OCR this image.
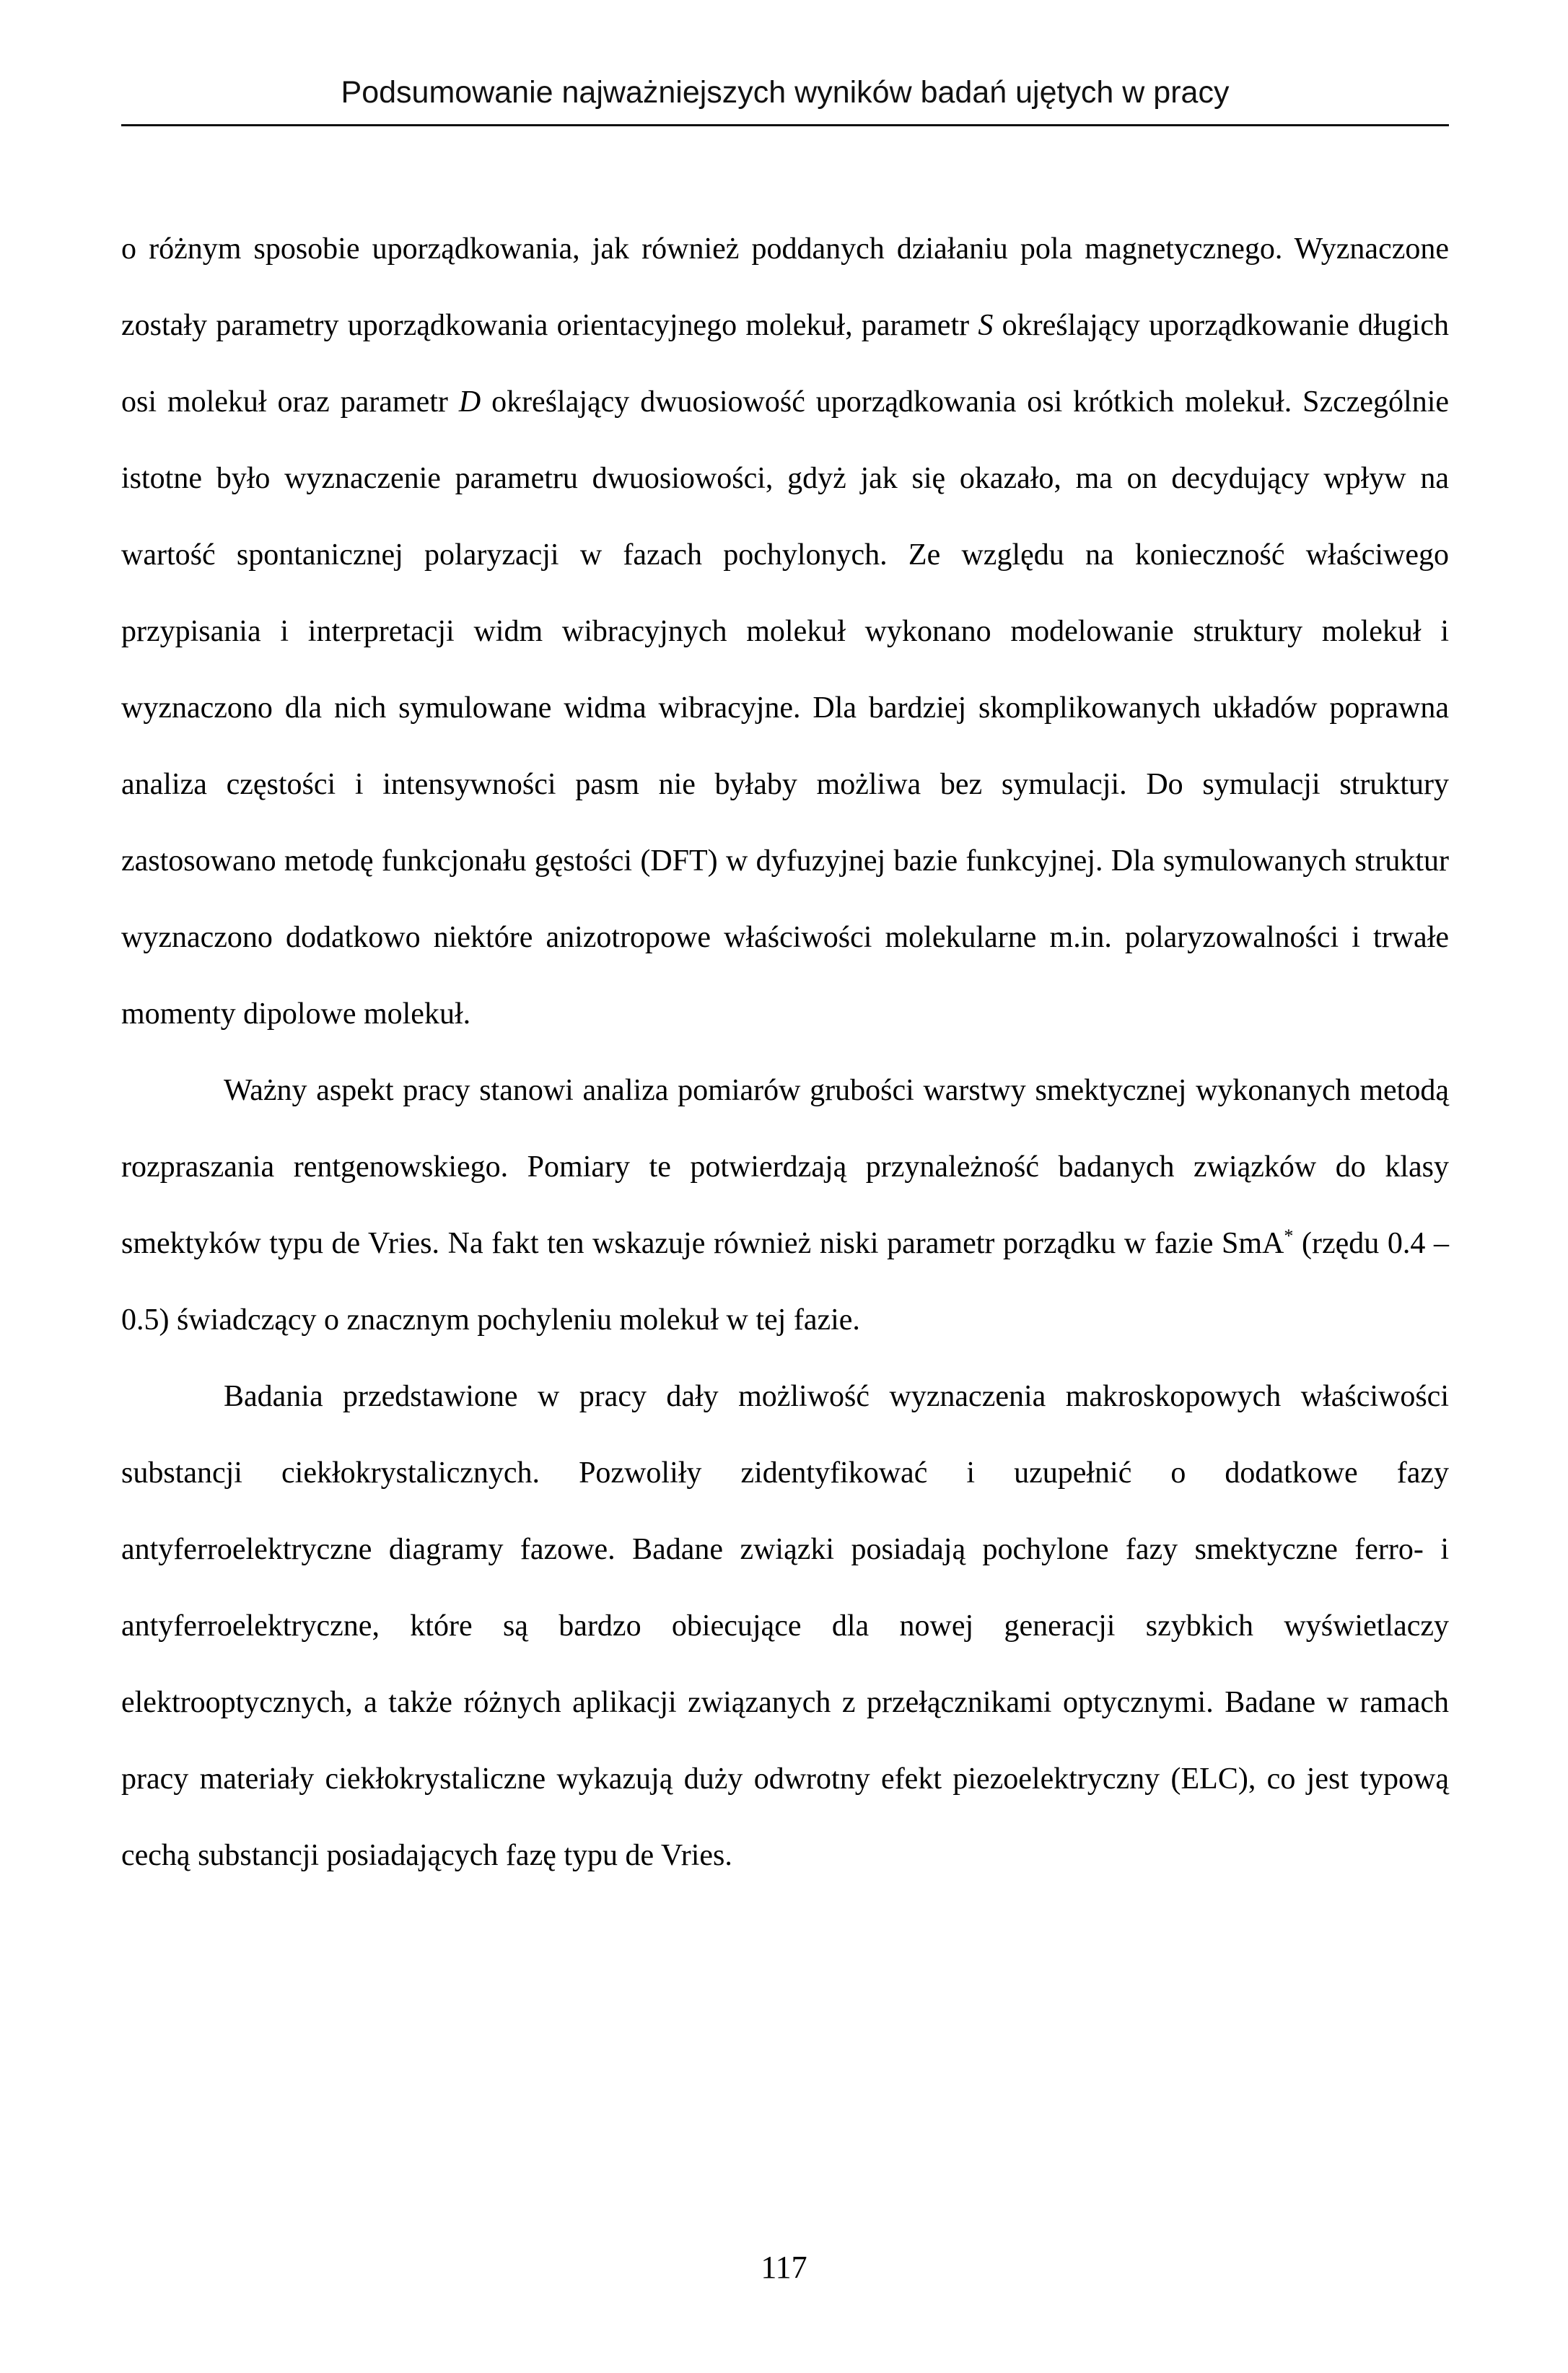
Podsumowanie najważniejszych wyników badań ujętych w pracy

o różnym sposobie uporządkowania, jak również poddanych działaniu pola magnetycznego. Wyznaczone zostały parametry uporządkowania orientacyjnego molekuł, parametr S określający uporządkowanie długich osi molekuł oraz parametr D określający dwuosiowość uporządkowania osi krótkich molekuł. Szczególnie istotne było wyznaczenie parametru dwuosiowości, gdyż jak się okazało, ma on decydujący wpływ na wartość spontanicznej polaryzacji w fazach pochylonych. Ze względu na konieczność właściwego przypisania i interpretacji widm wibracyjnych molekuł wykonano modelowanie struktury molekuł i wyznaczono dla nich symulowane widma wibracyjne. Dla bardziej skomplikowanych układów poprawna analiza częstości i intensywności pasm nie byłaby możliwa bez symulacji. Do symulacji struktury zastosowano metodę funkcjonału gęstości (DFT) w dyfuzyjnej bazie funkcyjnej. Dla symulowanych struktur wyznaczono dodatkowo niektóre anizotropowe właściwości molekularne m.in. polaryzowalności i trwałe momenty dipolowe molekuł.

Ważny aspekt pracy stanowi analiza pomiarów grubości warstwy smektycznej wykonanych metodą rozpraszania rentgenowskiego. Pomiary te potwierdzają przynależność badanych związków do klasy smektyków typu de Vries. Na fakt ten wskazuje również niski parametr porządku w fazie SmA* (rzędu 0.4 – 0.5) świadczący o znacznym pochyleniu molekuł w tej fazie.

Badania przedstawione w pracy dały możliwość wyznaczenia makroskopowych właściwości substancji ciekłokrystalicznych. Pozwoliły zidentyfikować i uzupełnić o dodatkowe fazy antyferroelektryczne diagramy fazowe. Badane związki posiadają pochylone fazy smektyczne ferro- i antyferroelektryczne, które są bardzo obiecujące dla nowej generacji szybkich wyświetlaczy elektrooptycznych, a także różnych aplikacji związanych z przełącznikami optycznymi. Badane w ramach pracy materiały ciekłokrystaliczne wykazują duży odwrotny efekt piezoelektryczny (ELC), co jest typową cechą substancji posiadających fazę typu de Vries.

117
